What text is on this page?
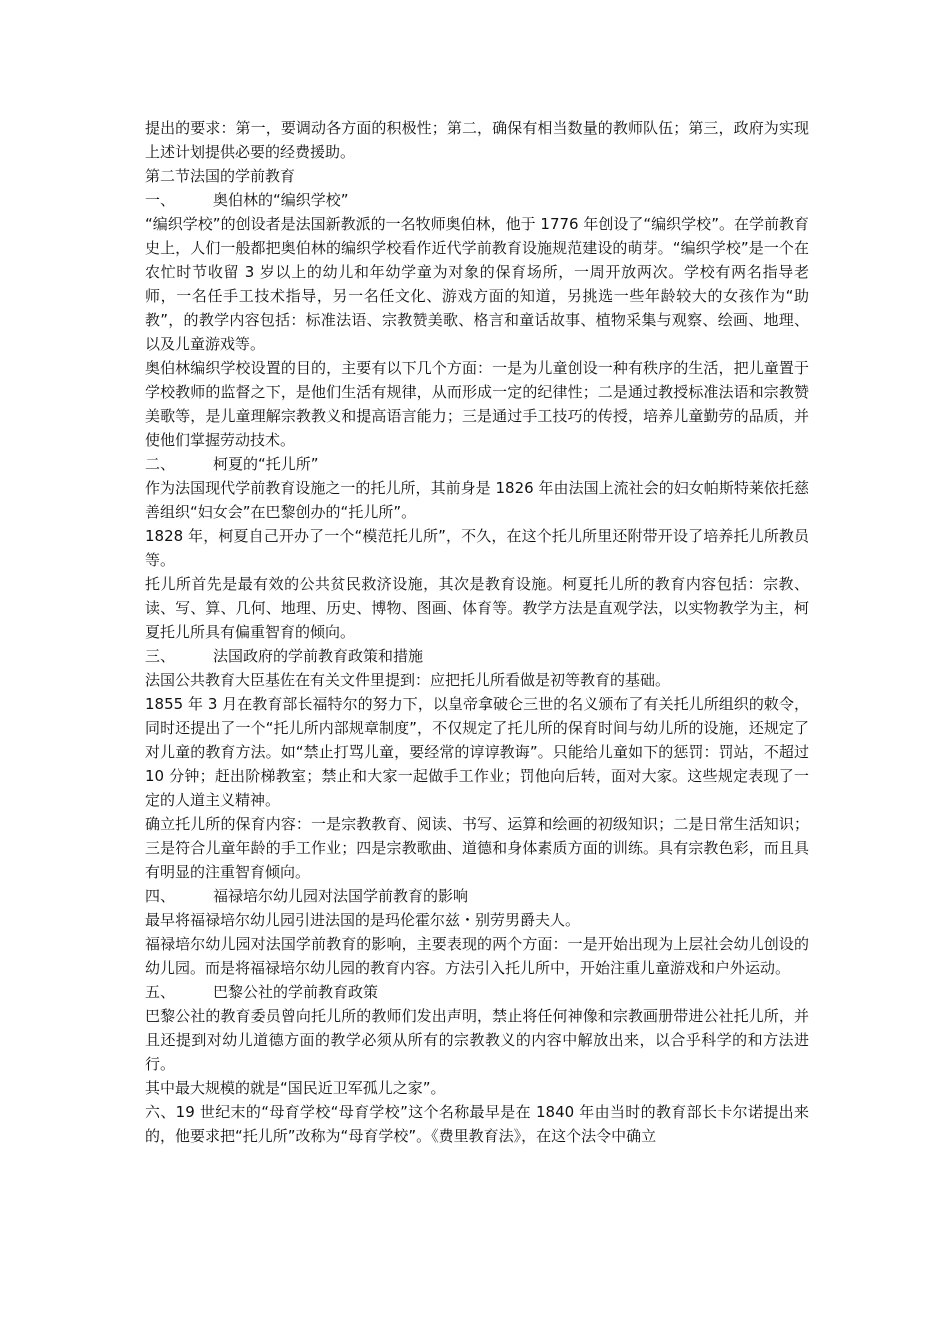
提出的要求：第一，要调动各方面的积极性；第二，确保有相当数量的教师队伍；第三，政府为实现上述计划提供必要的经费援助。

第二节法国的学前教育

一、	奥伯林的“编织学校”

“编织学校”的创设者是法国新教派的一名牧师奥伯林，他于 1776 年创设了“编织学校”。在学前教育史上，人们一般都把奥伯林的编织学校看作近代学前教育设施规范建设的萌芽。“编织学校”是一个在农忙时节收留 3 岁以上的幼儿和年幼学童为对象的保育场所，一周开放两次。学校有两名指导老师，一名任手工技术指导，另一名任文化、游戏方面的知道，另挑选一些年龄较大的女孩作为“助教”，的教学内容包括：标准法语、宗教赞美歌、格言和童话故事、植物采集与观察、绘画、地理、以及儿童游戏等。

奥伯林编织学校设置的目的，主要有以下几个方面：一是为儿童创设一种有秩序的生活，把儿童置于学校教师的监督之下，是他们生活有规律，从而形成一定的纪律性；二是通过教授标准法语和宗教赞美歌等，是儿童理解宗教教义和提高语言能力；三是通过手工技巧的传授，培养儿童勤劳的品质，并使他们掌握劳动技术。

二、	柯夏的“托儿所”

作为法国现代学前教育设施之一的托儿所，其前身是 1826 年由法国上流社会的妇女帕斯特莱依托慈善组织“妇女会”在巴黎创办的“托儿所”。

1828 年，柯夏自己开办了一个“模范托儿所”，不久，在这个托儿所里还附带开设了培养托儿所教员等。

托儿所首先是最有效的公共贫民救济设施，其次是教育设施。柯夏托儿所的教育内容包括：宗教、读、写、算、几何、地理、历史、博物、图画、体育等。教学方法是直观学法，以实物教学为主，柯夏托儿所具有偏重智育的倾向。

三、	法国政府的学前教育政策和措施

法国公共教育大臣基佐在有关文件里提到：应把托儿所看做是初等教育的基础。

1855 年 3 月在教育部长福特尔的努力下，以皇帝拿破仑三世的名义颁布了有关托儿所组织的敕令，同时还提出了一个“托儿所内部规章制度”，不仅规定了托儿所的保育时间与幼儿所的设施，还规定了对儿童的教育方法。如“禁止打骂儿童，要经常的谆谆教诲”。只能给儿童如下的惩罚：罚站，不超过 10 分钟；赶出阶梯教室；禁止和大家一起做手工作业；罚他向后转，面对大家。这些规定表现了一定的人道主义精神。

确立托儿所的保育内容：一是宗教教育、阅读、书写、运算和绘画的初级知识；二是日常生活知识；三是符合儿童年龄的手工作业；四是宗教歌曲、道德和身体素质方面的训练。具有宗教色彩，而且具有明显的注重智育倾向。

四、	福禄培尔幼儿园对法国学前教育的影响

最早将福禄培尔幼儿园引进法国的是玛伦霍尔兹・别劳男爵夫人。

福禄培尔幼儿园对法国学前教育的影响，主要表现的两个方面：一是开始出现为上层社会幼儿创设的幼儿园。而是将福禄培尔幼儿园的教育内容。方法引入托儿所中，开始注重儿童游戏和户外运动。

五、	巴黎公社的学前教育政策

巴黎公社的教育委员曾向托儿所的教师们发出声明，禁止将任何神像和宗教画册带进公社托儿所，并且还提到对幼儿道德方面的教学必须从所有的宗教教义的内容中解放出来，以合乎科学的和方法进行。

其中最大规模的就是“国民近卫军孤儿之家”。

六、19 世纪末的“母育学校“母育学校”这个名称最早是在 1840 年由当时的教育部长卡尔诺提出来的，他要求把“托儿所”改称为“母育学校”。《费里教育法》，在这个法令中确立
